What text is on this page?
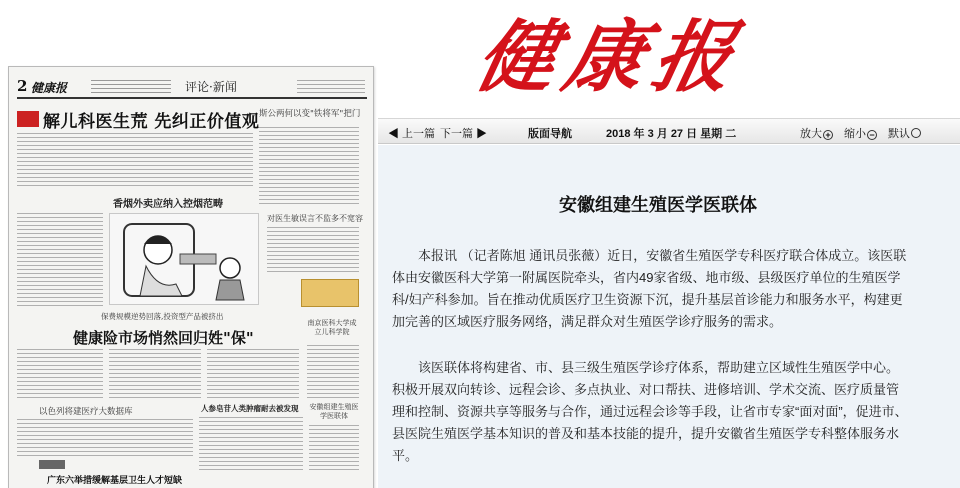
健康报
2 健康报	评论·新闻
解儿科医生荒 先纠正价值观 斯公两何以变"铁将军"把门
香烟外卖应纳入控烟范畴
对医生敏误言不监多不宽容
保费规模逆势回落,投资型产品被挤出
健康险市场悄然回归姓"保"
南京医科大学成立儿科学院
以色列将建医疗大数据库	人参皂苷人类肿瘤耐去被发现 安徽组建生殖医学医联体
广东六举措缓解基层卫生人才短缺
◀ 上一篇 下一篇 ▶	版面导航	2018 年 3 月 27 日 星期 二	放大 + 缩小 − 默认
安徽组建生殖医学医联体

本报讯 （记者陈旭 通讯员张薇）近日，安徽省生殖医学专科医疗联合体成立。该医联体由安徽医科大学第一附属医院牵头，省内49家省级、地市级、县级医疗单位的生殖医学科/妇产科参加。旨在推动优质医疗卫生资源下沉，提升基层首诊能力和服务水平，构建更加完善的区域医疗服务网络，满足群众对生殖医学诊疗服务的需求。

该医联体将构建省、市、县三级生殖医学诊疗体系，帮助建立区域性生殖医学中心。积极开展双向转诊、远程会诊、多点执业、对口帮扶、进修培训、学术交流、医疗质量管理和控制、资源共享等服务与合作，通过远程会诊等手段，让省市专家“面对面”，促进市、县医院生殖医学基本知识的普及和基本技能的提升，提升安徽省生殖医学专科整体服务水平。
